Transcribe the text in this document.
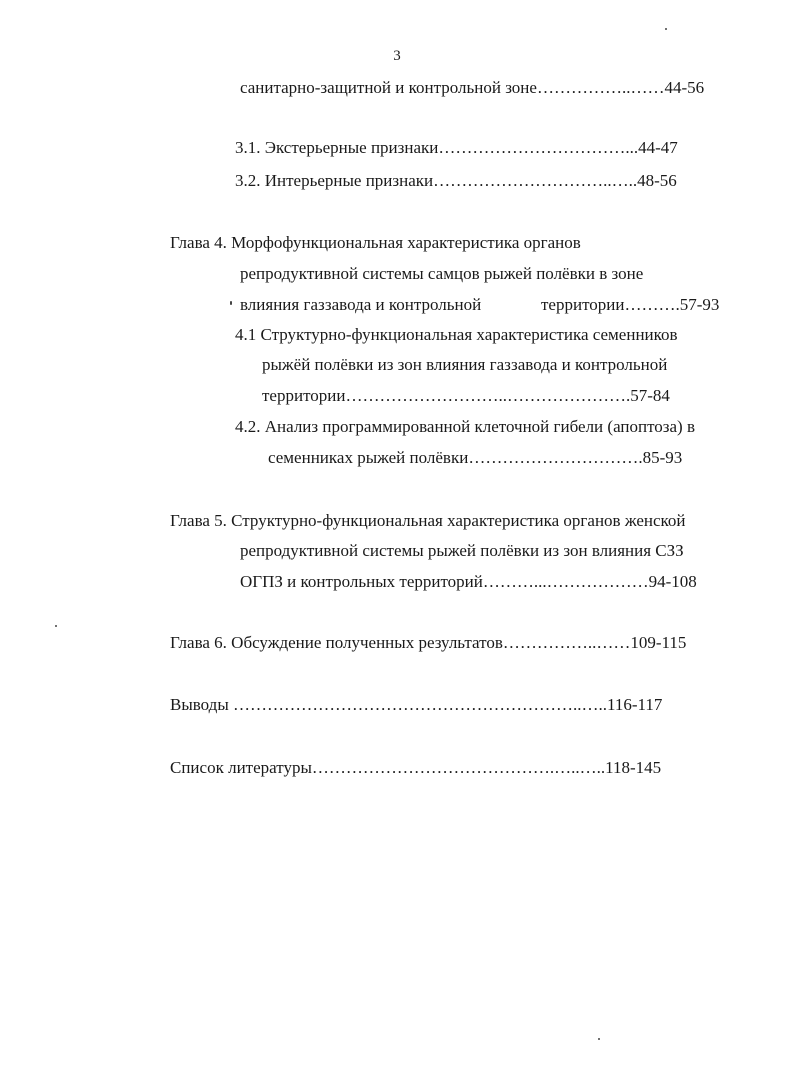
3
санитарно-защитной и контрольной зоне……………..……44-56
3.1. Экстерьерные признаки……………………………...44-47
3.2. Интерьерные признаки…………………………..…..48-56
Глава 4. Морфофункциональная характеристика органов
репродуктивной системы самцов рыжей полёвки в зоне
влияния газзавода и контрольной	территории……….57-93
4.1 Структурно-функциональная характеристика семенников
рыжёй полёвки из зон влияния газзавода и контрольной
территории………………………..………………….57-84
4.2. Анализ программированной клеточной гибели (апоптоза) в
семенниках рыжей полёвки………………………….85-93
Глава 5. Структурно-функциональная характеристика органов женской
репродуктивной системы рыжей полёвки из зон влияния СЗЗ
ОГПЗ и контрольных территорий………...………………94-108
Глава 6. Обсуждение полученных результатов……………..……109-115
Выводы ……………………………………………………..…..116-117
Список литературы…………………………………….…..…..118-145
